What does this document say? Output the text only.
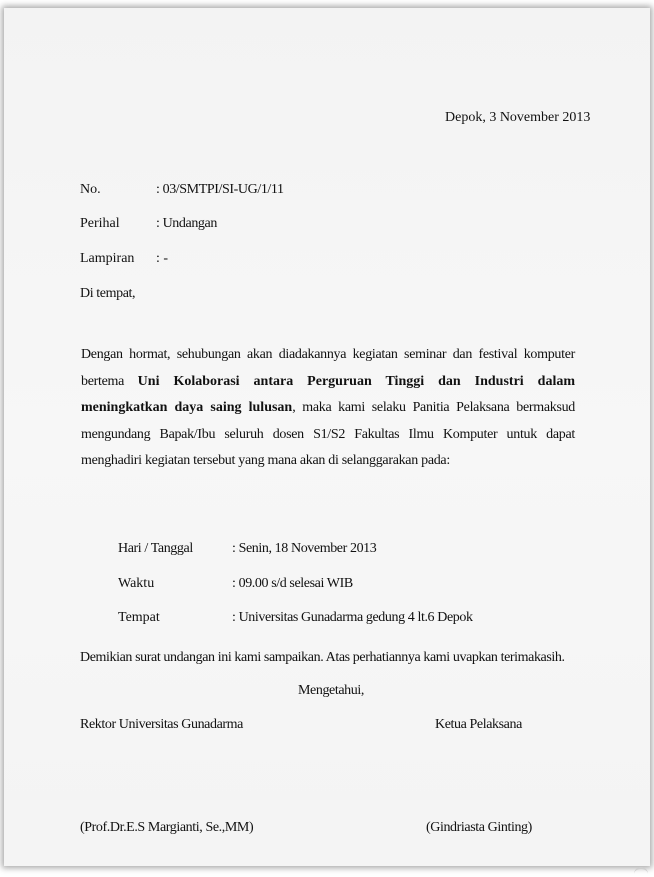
Depok, 3 November 2013
No.	: 03/SMTPI/SI-UG/1/11
Perihal	: Undangan
Lampiran : -
Di tempat,
Dengan hormat, sehubungan akan diadakannya kegiatan seminar dan festival komputer bertema Uni Kolaborasi antara Perguruan Tinggi dan Industri dalam meningkatkan daya saing lulusan, maka kami selaku Panitia Pelaksana bermaksud mengundang Bapak/Ibu seluruh dosen S1/S2 Fakultas Ilmu Komputer untuk dapat menghadiri kegiatan tersebut yang mana akan di selanggarakan pada:
Hari / Tanggal	: Senin, 18 November 2013
Waktu	: 09.00 s/d selesai WIB
Tempat	: Universitas Gunadarma gedung 4 lt.6 Depok
Demikian surat undangan ini kami sampaikan. Atas perhatiannya kami uvapkan terimakasih.
Mengetahui,
Rektor Universitas Gunadarma	Ketua Pelaksana
(Prof.Dr.E.S Margianti, Se.,MM)	(Gindriasta Ginting)
